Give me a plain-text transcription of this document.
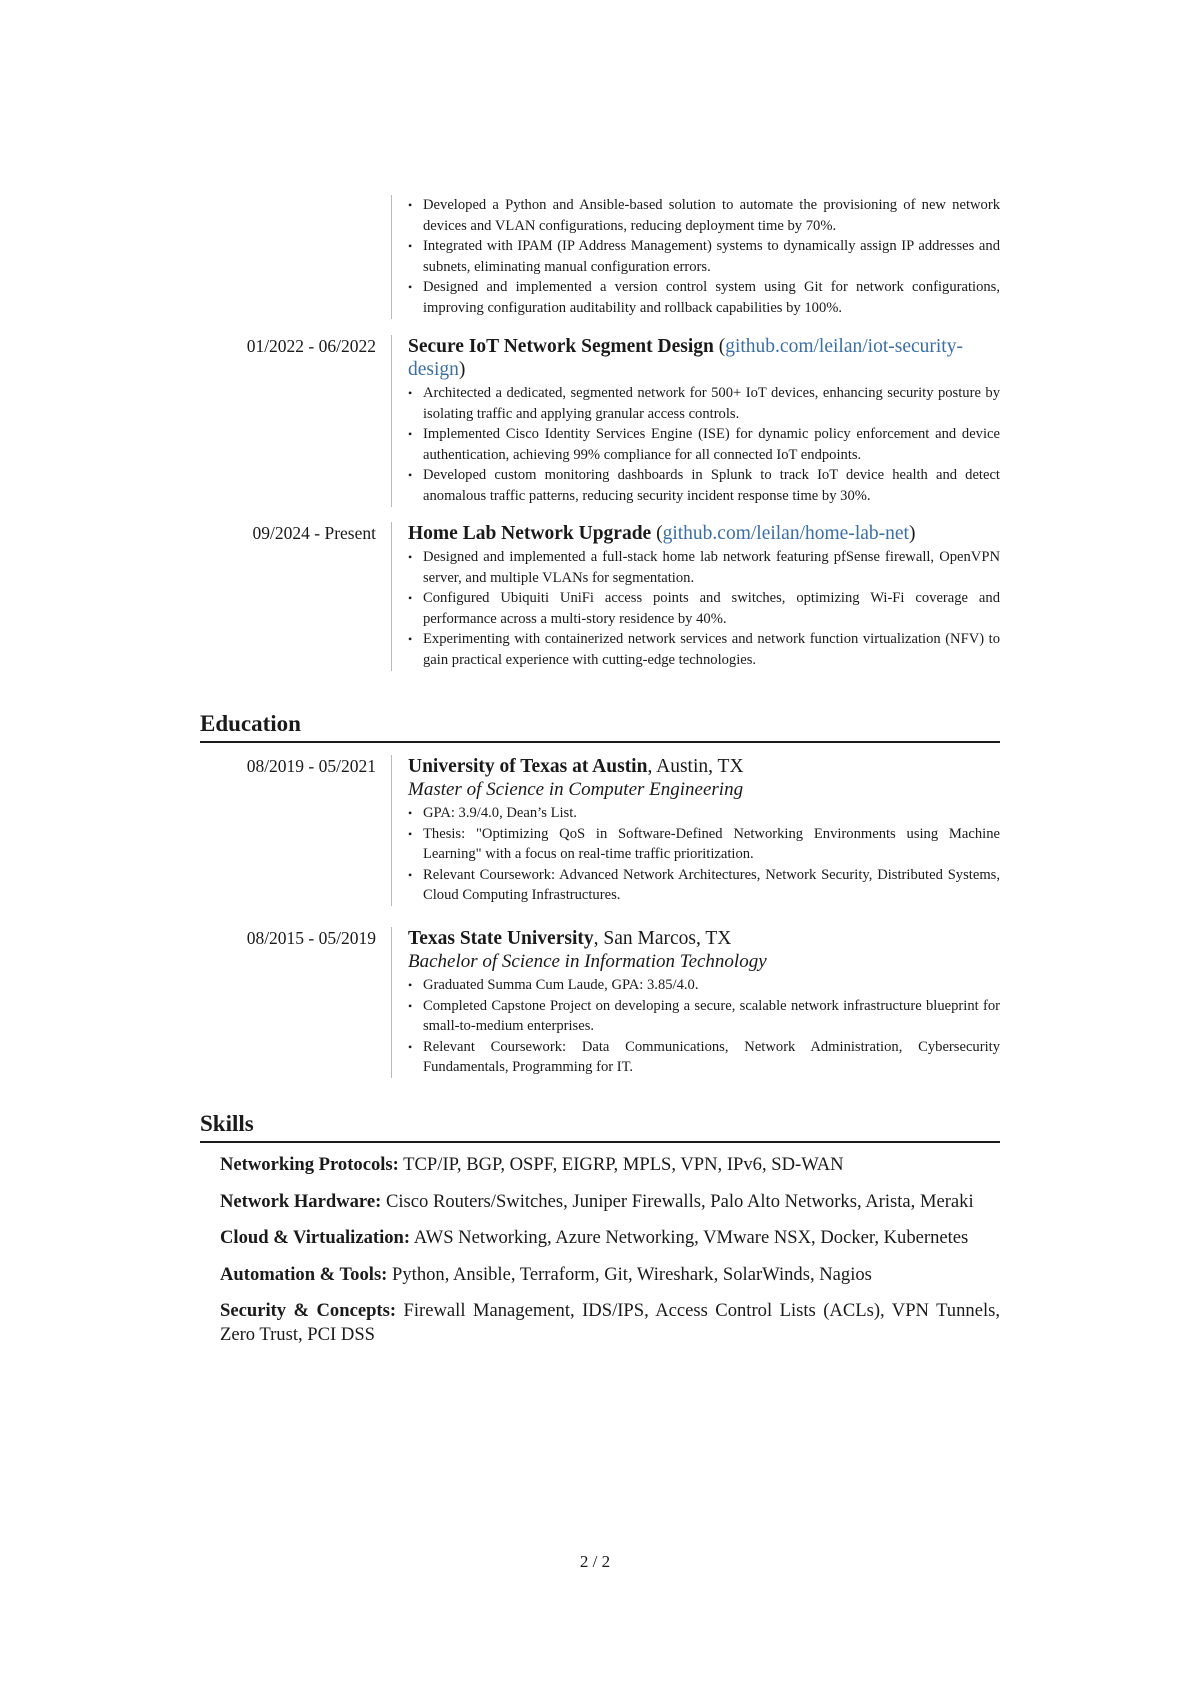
• Developed a Python and Ansible-based solution to automate the provisioning of new network devices and VLAN configurations, reducing deployment time by 70%.
• Integrated with IPAM (IP Address Management) systems to dynamically assign IP addresses and subnets, eliminating manual configuration errors.
• Designed and implemented a version control system using Git for network configurations, improving configuration auditability and rollback capabilities by 100%.
01/2022 - 06/2022	Secure IoT Network Segment Design (github.com/leilan/iot-security-design)
• Architected a dedicated, segmented network for 500+ IoT devices, enhancing security posture by isolating traffic and applying granular access controls.
• Implemented Cisco Identity Services Engine (ISE) for dynamic policy enforcement and device authentication, achieving 99% compliance for all connected IoT endpoints.
• Developed custom monitoring dashboards in Splunk to track IoT device health and detect anomalous traffic patterns, reducing security incident response time by 30%.
09/2024 - Present	Home Lab Network Upgrade (github.com/leilan/home-lab-net)
• Designed and implemented a full-stack home lab network featuring pfSense firewall, OpenVPN server, and multiple VLANs for segmentation.
• Configured Ubiquiti UniFi access points and switches, optimizing Wi-Fi coverage and performance across a multi-story residence by 40%.
• Experimenting with containerized network services and network function virtualization (NFV) to gain practical experience with cutting-edge technologies.
Education
08/2019 - 05/2021	University of Texas at Austin, Austin, TX
Master of Science in Computer Engineering
• GPA: 3.9/4.0, Dean’s List.
• Thesis: "Optimizing QoS in Software-Defined Networking Environments using Machine Learning" with a focus on real-time traffic prioritization.
• Relevant Coursework: Advanced Network Architectures, Network Security, Distributed Systems, Cloud Computing Infrastructures.
08/2015 - 05/2019	Texas State University, San Marcos, TX
Bachelor of Science in Information Technology
• Graduated Summa Cum Laude, GPA: 3.85/4.0.
• Completed Capstone Project on developing a secure, scalable network infrastructure blueprint for small-to-medium enterprises.
• Relevant Coursework: Data Communications, Network Administration, Cybersecurity Fundamentals, Programming for IT.
Skills
Networking Protocols: TCP/IP, BGP, OSPF, EIGRP, MPLS, VPN, IPv6, SD-WAN
Network Hardware: Cisco Routers/Switches, Juniper Firewalls, Palo Alto Networks, Arista, Meraki
Cloud & Virtualization: AWS Networking, Azure Networking, VMware NSX, Docker, Kubernetes
Automation & Tools: Python, Ansible, Terraform, Git, Wireshark, SolarWinds, Nagios
Security & Concepts: Firewall Management, IDS/IPS, Access Control Lists (ACLs), VPN Tunnels, Zero Trust, PCI DSS
2 / 2
